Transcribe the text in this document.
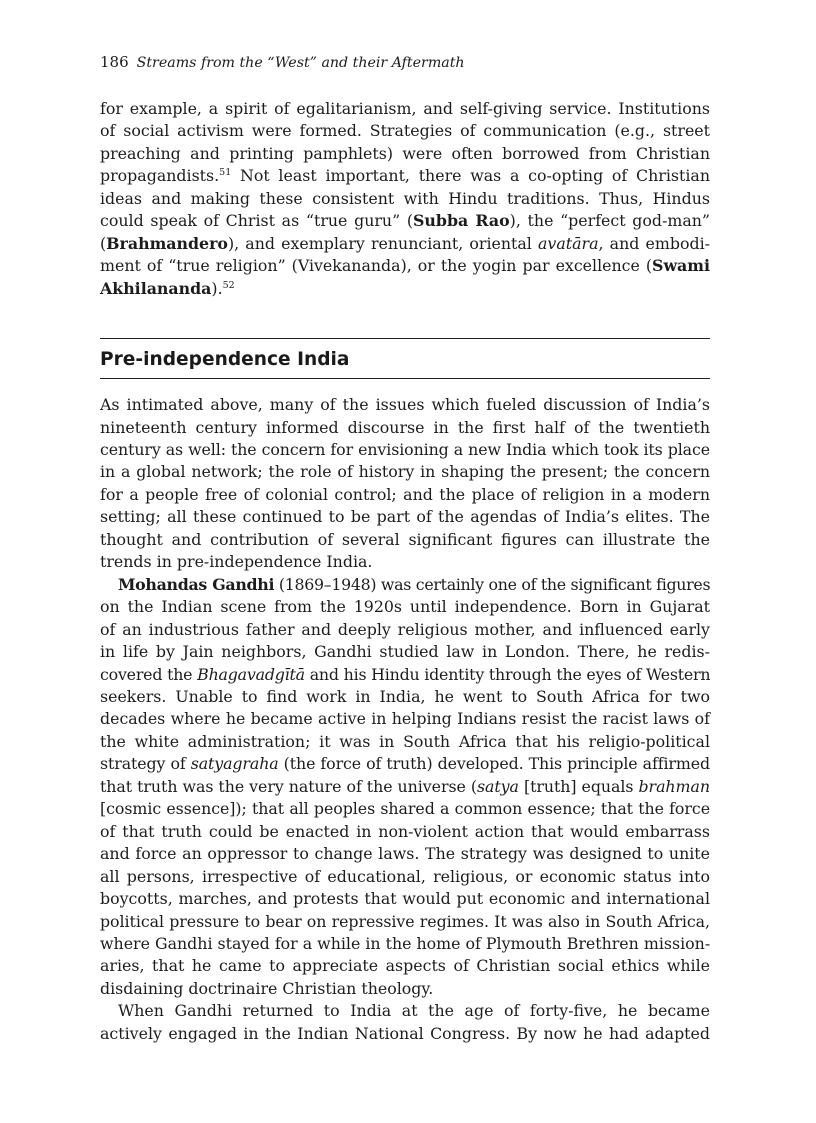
186 Streams from the “West” and their Aftermath

for example, a spirit of egalitarianism, and self-giving service. Institutions
of social activism were formed. Strategies of communication (e.g., street
preaching and printing pamphlets) were often borrowed from Christian
propagandists.$^{51}$ Not least important, there was a co-opting of Christian
ideas and making these consistent with Hindu traditions. Thus, Hindus
could speak of Christ as “true guru” (Subba Rao), the “perfect god-man”
(Brahmandero), and exemplary renunciant, oriental avatāra, and embodi-
ment of “true religion” (Vivekananda), or the yogin par excellence (Swami
Akhilananda).$^{52}$

Pre-independence India

As intimated above, many of the issues which fueled discussion of India’s
nineteenth century informed discourse in the first half of the twentieth
century as well: the concern for envisioning a new India which took its place
in a global network; the role of history in shaping the present; the concern
for a people free of colonial control; and the place of religion in a modern
setting; all these continued to be part of the agendas of India’s elites. The
thought and contribution of several significant figures can illustrate the
trends in pre-independence India.

Mohandas Gandhi (1869–1948) was certainly one of the significant figures
on the Indian scene from the 1920s until independence. Born in Gujarat
of an industrious father and deeply religious mother, and influenced early
in life by Jain neighbors, Gandhi studied law in London. There, he redis-
covered the Bhagavadgītā and his Hindu identity through the eyes of Western
seekers. Unable to find work in India, he went to South Africa for two
decades where he became active in helping Indians resist the racist laws of
the white administration; it was in South Africa that his religio-political
strategy of satyagraha (the force of truth) developed. This principle affirmed
that truth was the very nature of the universe (satya [truth] equals brahman
[cosmic essence]); that all peoples shared a common essence; that the force
of that truth could be enacted in non-violent action that would embarrass
and force an oppressor to change laws. The strategy was designed to unite
all persons, irrespective of educational, religious, or economic status into
boycotts, marches, and protests that would put economic and international
political pressure to bear on repressive regimes. It was also in South Africa,
where Gandhi stayed for a while in the home of Plymouth Brethren mission-
aries, that he came to appreciate aspects of Christian social ethics while
disdaining doctrinaire Christian theology.

When Gandhi returned to India at the age of forty-five, he became
actively engaged in the Indian National Congress. By now he had adapted
